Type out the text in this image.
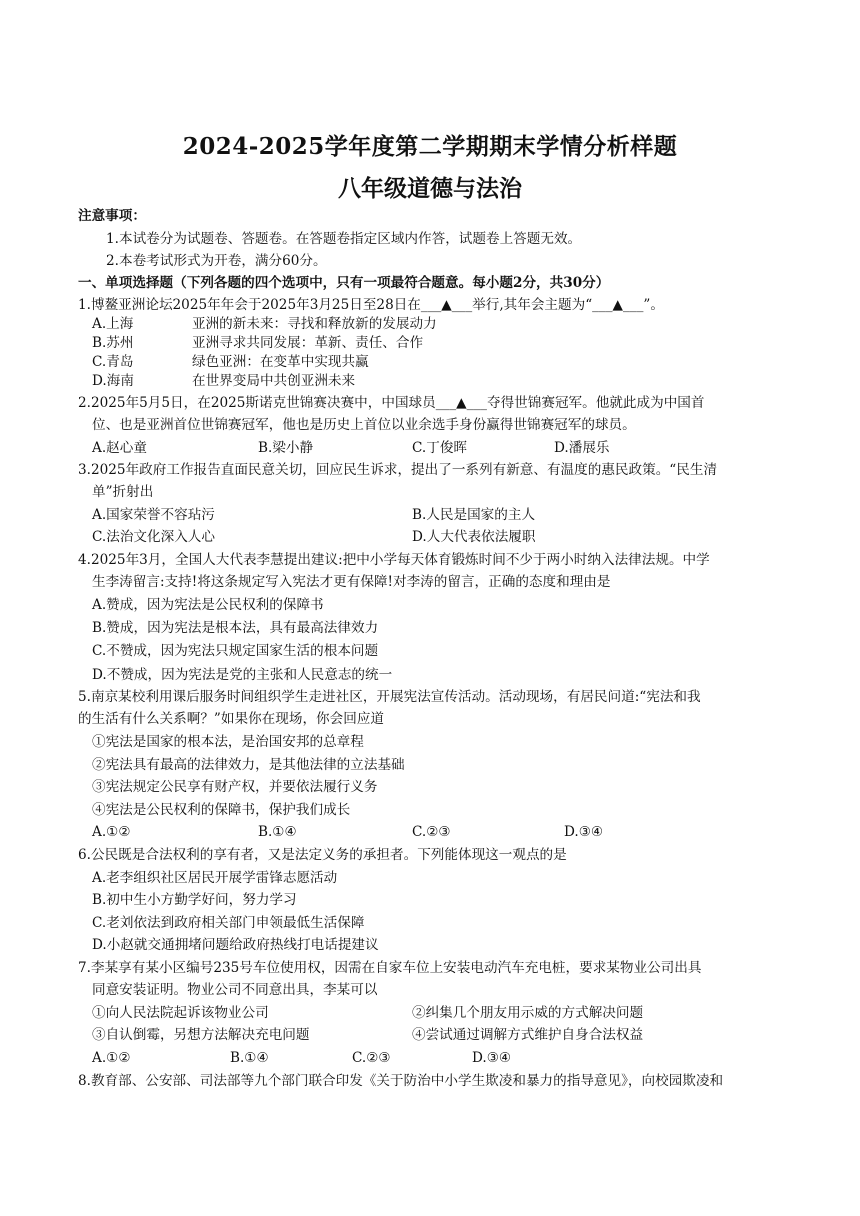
2024-2025学年度第二学期期末学情分析样题
八年级道德与法治
注意事项：
1.本试卷分为试题卷、答题卷。在答题卷指定区域内作答，试题卷上答题无效。
2.本卷考试形式为开卷，满分60分。
一、单项选择题（下列各题的四个选项中，只有一项最符合题意。每小题2分，共30分）
1.博鳌亚洲论坛2025年年会于2025年3月25日至28日在___▲___举行,其年会主题为“___▲___”。
A.上海	亚洲的新未来：寻找和释放新的发展动力
B.苏州	亚洲寻求共同发展：革新、责任、合作
C.青岛	绿色亚洲：在变革中实现共赢
D.海南	在世界变局中共创亚洲未来
2.2025年5月5日，在2025斯诺克世锦赛决赛中，中国球员___▲___夺得世锦赛冠军。他就此成为中国首
位、也是亚洲首位世锦赛冠军，他也是历史上首位以业余选手身份赢得世锦赛冠军的球员。
A.赵心童	B.梁小静	C.丁俊晖	D.潘展乐
3.2025年政府工作报告直面民意关切，回应民生诉求，提出了一系列有新意、有温度的惠民政策。“民生清
单”折射出
A.国家荣誉不容玷污	B.人民是国家的主人
C.法治文化深入人心	D.人大代表依法履职
4.2025年3月，全国人大代表李慧提出建议:把中小学每天体育锻炼时间不少于两小时纳入法律法规。中学
生李涛留言:支持!将这条规定写入宪法才更有保障!对李涛的留言，正确的态度和理由是
A.赞成，因为宪法是公民权利的保障书
B.赞成，因为宪法是根本法，具有最高法律效力
C.不赞成，因为宪法只规定国家生活的根本问题
D.不赞成，因为宪法是党的主张和人民意志的统一
5.南京某校利用课后服务时间组织学生走进社区，开展宪法宣传活动。活动现场，有居民问道:“宪法和我
的生活有什么关系啊？”如果你在现场，你会回应道
①宪法是国家的根本法，是治国安邦的总章程
②宪法具有最高的法律效力，是其他法律的立法基础
③宪法规定公民享有财产权，并要依法履行义务
④宪法是公民权利的保障书，保护我们成长
A.①②	B.①④	C.②③	D.③④
6.公民既是合法权利的享有者，又是法定义务的承担者。下列能体现这一观点的是
A.老李组织社区居民开展学雷锋志愿活动
B.初中生小方勤学好问，努力学习
C.老刘依法到政府相关部门申领最低生活保障
D.小赵就交通拥堵问题给政府热线打电话提建议
7.李某享有某小区编号235号车位使用权，因需在自家车位上安装电动汽车充电桩，要求某物业公司出具
同意安装证明。物业公司不同意出具，李某可以
①向人民法院起诉该物业公司	②纠集几个朋友用示威的方式解决问题
③自认倒霉，另想方法解决充电问题	④尝试通过调解方式维护自身合法权益
A.①②	B.①④	C.②③	D.③④
8.教育部、公安部、司法部等九个部门联合印发《关于防治中小学生欺凌和暴力的指导意见》，向校园欺凌和
